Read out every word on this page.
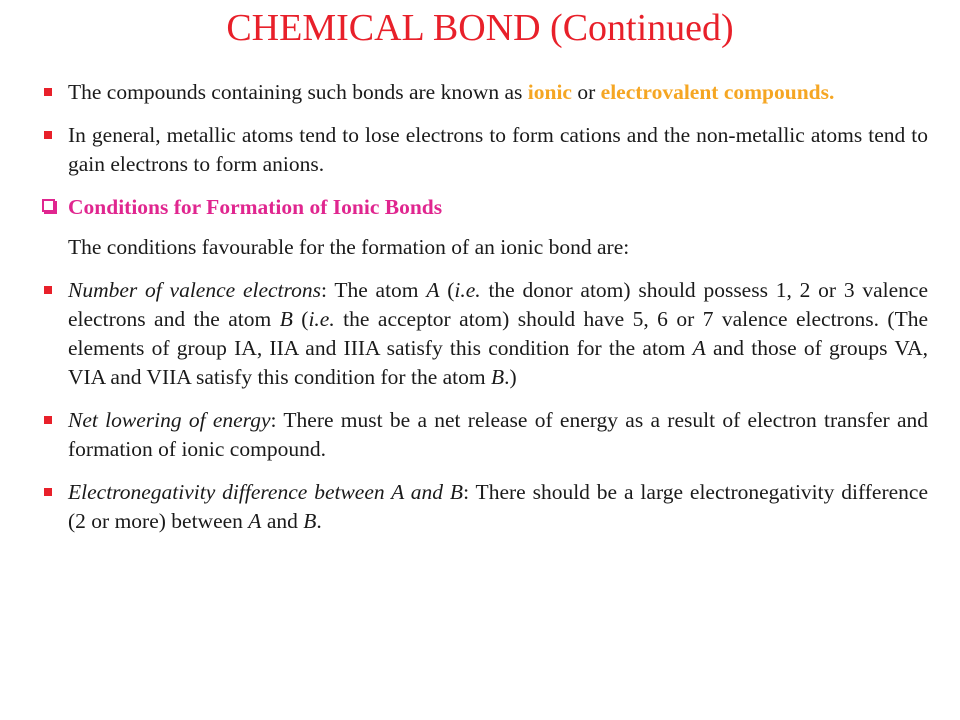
CHEMICAL BOND (Continued)
The compounds containing such bonds are known as ionic or electrovalent compounds.
In general, metallic atoms tend to lose electrons to form cations and the non-metallic atoms tend to gain electrons to form anions.
Conditions for Formation of Ionic Bonds
The conditions favourable for the formation of an ionic bond are:
Number of valence electrons: The atom A (i.e. the donor atom) should possess 1, 2 or 3 valence electrons and the atom B (i.e. the acceptor atom) should have 5, 6 or 7 valence electrons. (The elements of group IA, IIA and IIIA satisfy this condition for the atom A and those of groups VA, VIA and VIIA satisfy this condition for the atom B.)
Net lowering of energy: There must be a net release of energy as a result of electron transfer and formation of ionic compound.
Electronegativity difference between A and B: There should be a large electronegativity difference (2 or more) between A and B.
